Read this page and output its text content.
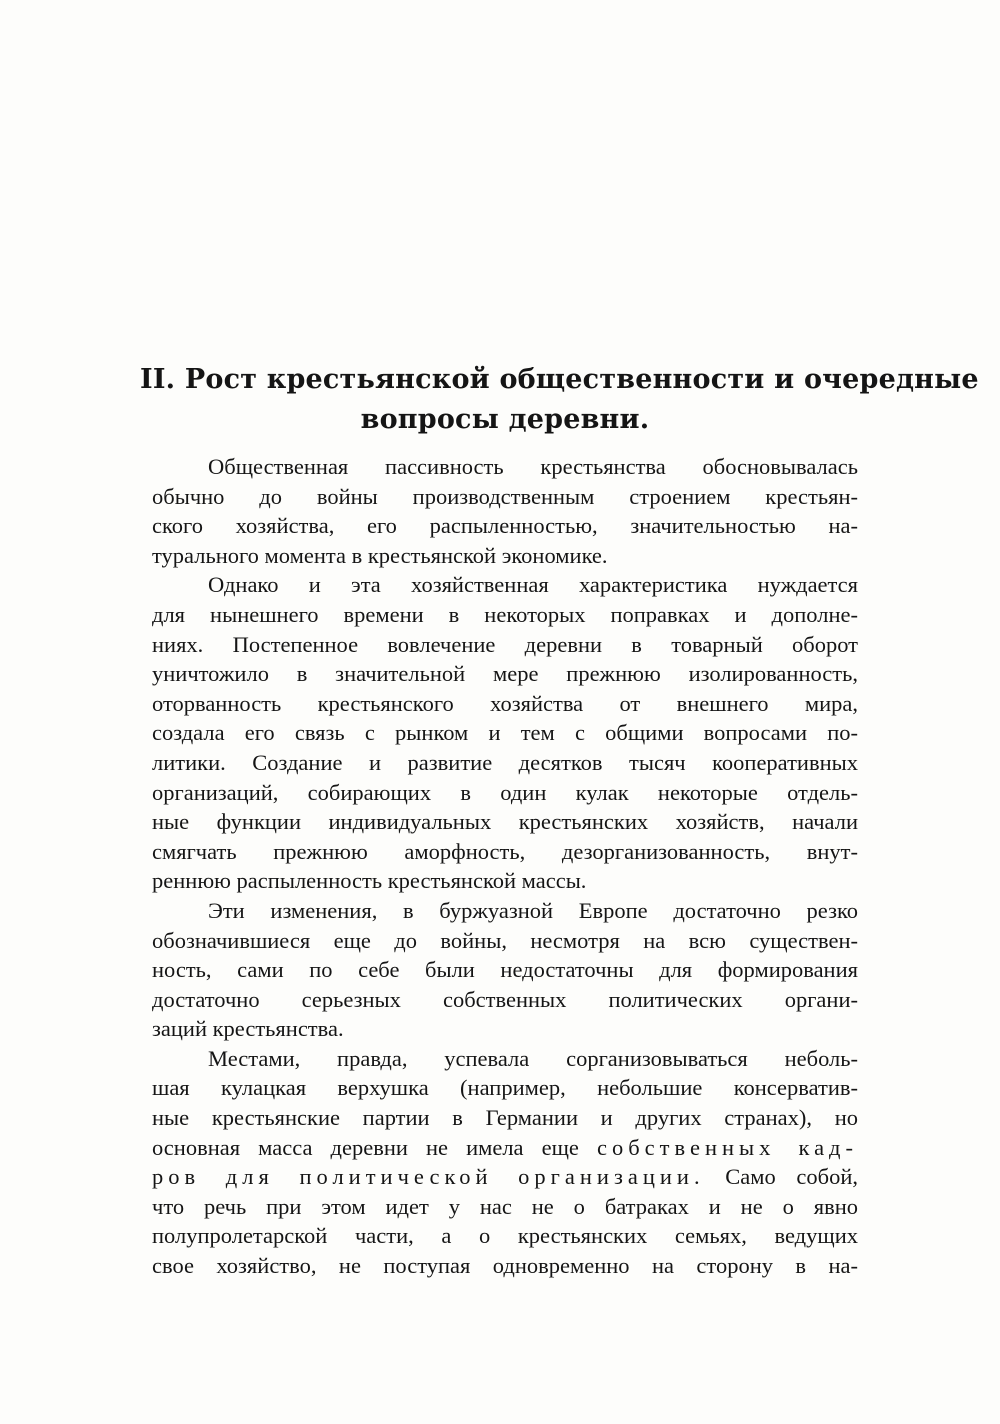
II. Рост крестьянской общественности и очередные
вопросы деревни.
Общественная пассивность крестьянства обосновывалась
обычно до войны производственным строением крестьян-
ского хозяйства, его распыленностью, значительностью на-
турального момента в крестьянской экономике.
Однако и эта хозяйственная характеристика нуждается
для нынешнего времени в некоторых поправках и дополне-
ниях. Постепенное вовлечение деревни в товарный оборот
уничтожило в значительной мере прежнюю изолированность,
оторванность крестьянского хозяйства от внешнего мира,
создала его связь с рынком и тем с общими вопросами по-
литики. Создание и развитие десятков тысяч кооперативных
организаций, собирающих в один кулак некоторые отдель-
ные функции индивидуальных крестьянских хозяйств, начали
смягчать прежнюю аморфность, дезорганизованность, внут-
реннюю распыленность крестьянской массы.
Эти изменения, в буржуазной Европе достаточно резко
обозначившиеся еще до войны, несмотря на всю существен-
ность, сами по себе были недостаточны для формирования
достаточно серьезных собственных политических органи-
заций крестьянства.
Местами, правда, успевала сорганизовываться неболь-
шая кулацкая верхушка (например, небольшие консерватив-
ные крестьянские партии в Германии и других странах), но
основная масса деревни не имела еще собственных кад-
ров для политической организации. Само собой,
что речь при этом идет у нас не о батраках и не о явно
полупролетарской части, а о крестьянских семьях, ведущих
свое хозяйство, не поступая одновременно на сторону в на-
